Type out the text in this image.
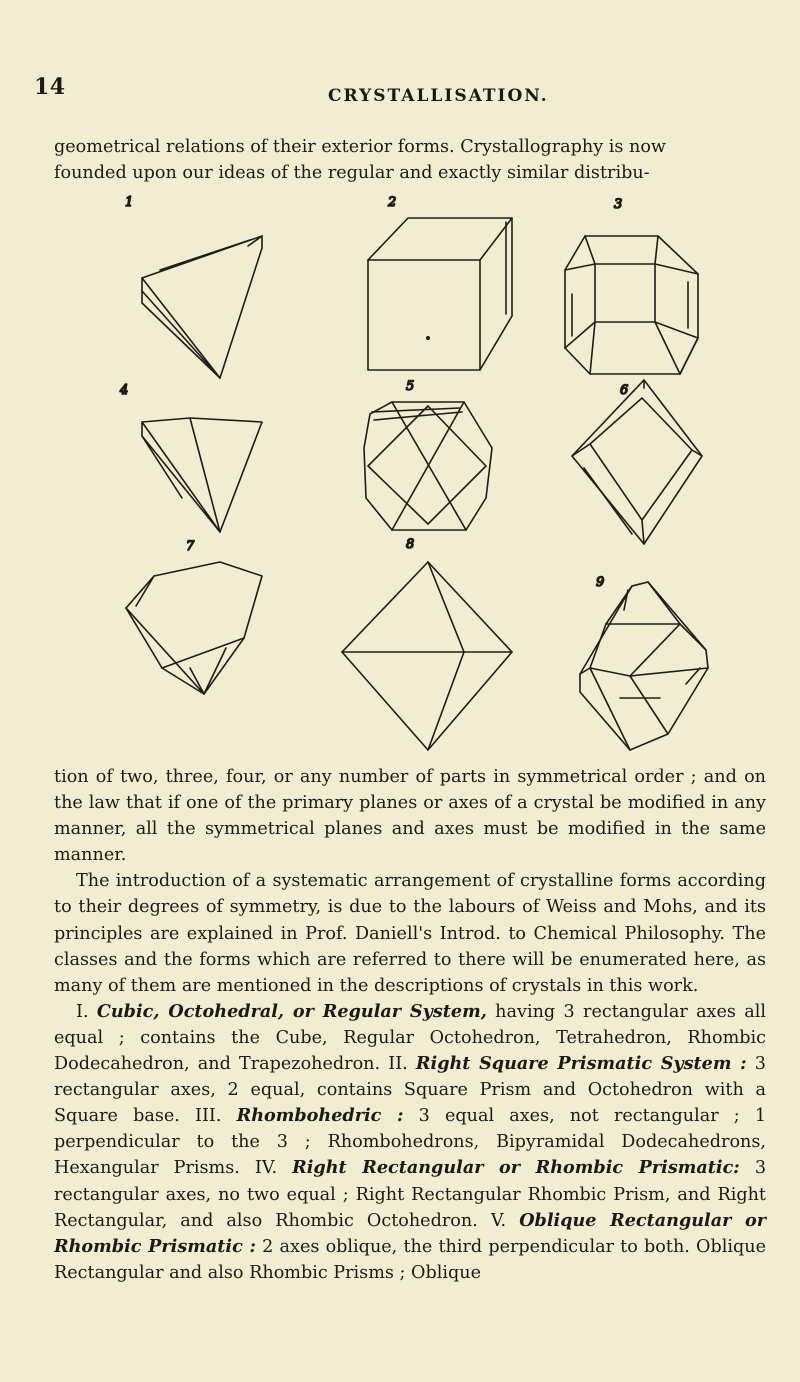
14	CRYSTALLISATION.

geometrical relations of their exterior forms. Crystallography is now

founded upon our ideas of the regular and exactly similar distribu-

1	2	3
4	5	6
7	8
9

tion of two, three, four, or any number of parts in symmetrical order ; and on the law that if one of the primary planes or axes of a crystal be modified in any manner, all the symmetrical planes and axes must be modified in the same manner.

The introduction of a systematic arrangement of crystalline forms according to their degrees of symmetry, is due to the labours of Weiss and Mohs, and its principles are explained in Prof. Daniell's Introd. to Chemical Philosophy. The classes and the forms which are referred to there will be enumerated here, as many of them are mentioned in the descriptions of crystals in this work.

I. Cubic, Octohedral, or Regular System, having 3 rectangular axes all equal ; contains the Cube, Regular Octohedron, Tetrahedron, Rhombic Dodecahedron, and Trapezohedron. II. Right Square Prismatic System : 3 rectangular axes, 2 equal, contains Square Prism and Octohedron with a Square base. III. Rhombohedric : 3 equal axes, not rectangular ; 1 perpendicular to the 3 ; Rhombohedrons, Bipyramidal Dodecahedrons, Hexangular Prisms. IV. Right Rectangular or Rhombic Prismatic: 3 rectangular axes, no two equal ; Right Rectangular Rhombic Prism, and Right Rectangular, and also Rhombic Octohedron. V. Oblique Rectangular or Rhombic Prismatic : 2 axes oblique, the third perpendicular to both. Oblique Rectangular and also Rhombic Prisms ; Oblique
